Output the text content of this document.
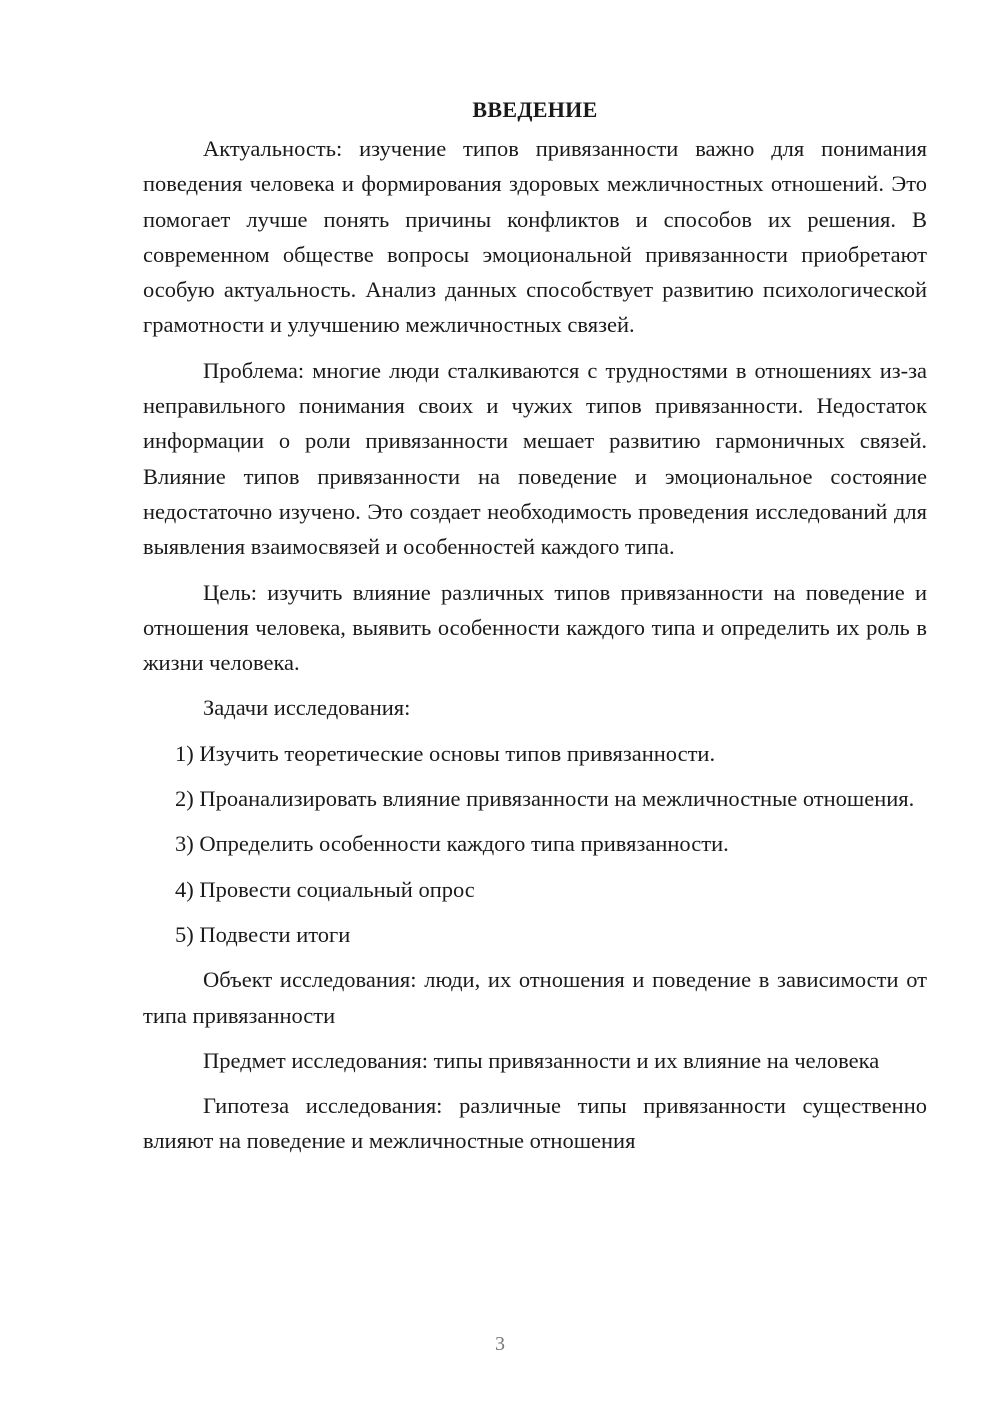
ВВЕДЕНИЕ

Актуальность: изучение типов привязанности важно для понимания поведения человека и формирования здоровых межличностных отношений. Это помогает лучше понять причины конфликтов и способов их решения. В современном обществе вопросы эмоциональной привязанности приобретают особую актуальность. Анализ данных способствует развитию психологической грамотности и улучшению межличностных связей.

Проблема: многие люди сталкиваются с трудностями в отношениях из-за неправильного понимания своих и чужих типов привязанности. Недостаток информации о роли привязанности мешает развитию гармоничных связей. Влияние типов привязанности на поведение и эмоциональное состояние недостаточно изучено. Это создает необходимость проведения исследований для выявления взаимосвязей и особенностей каждого типа.

Цель: изучить влияние различных типов привязанности на поведение и отношения человека, выявить особенности каждого типа и определить их роль в жизни человека.

Задачи исследования:

1) Изучить теоретические основы типов привязанности.

2) Проанализировать влияние привязанности на межличностные отношения.

3) Определить особенности каждого типа привязанности.

4) Провести социальный опрос

5) Подвести итоги

Объект исследования: люди, их отношения и поведение в зависимости от типа привязанности

Предмет исследования: типы привязанности и их влияние на человека

Гипотеза исследования: различные типы привязанности существенно влияют на поведение и межличностные отношения

3
